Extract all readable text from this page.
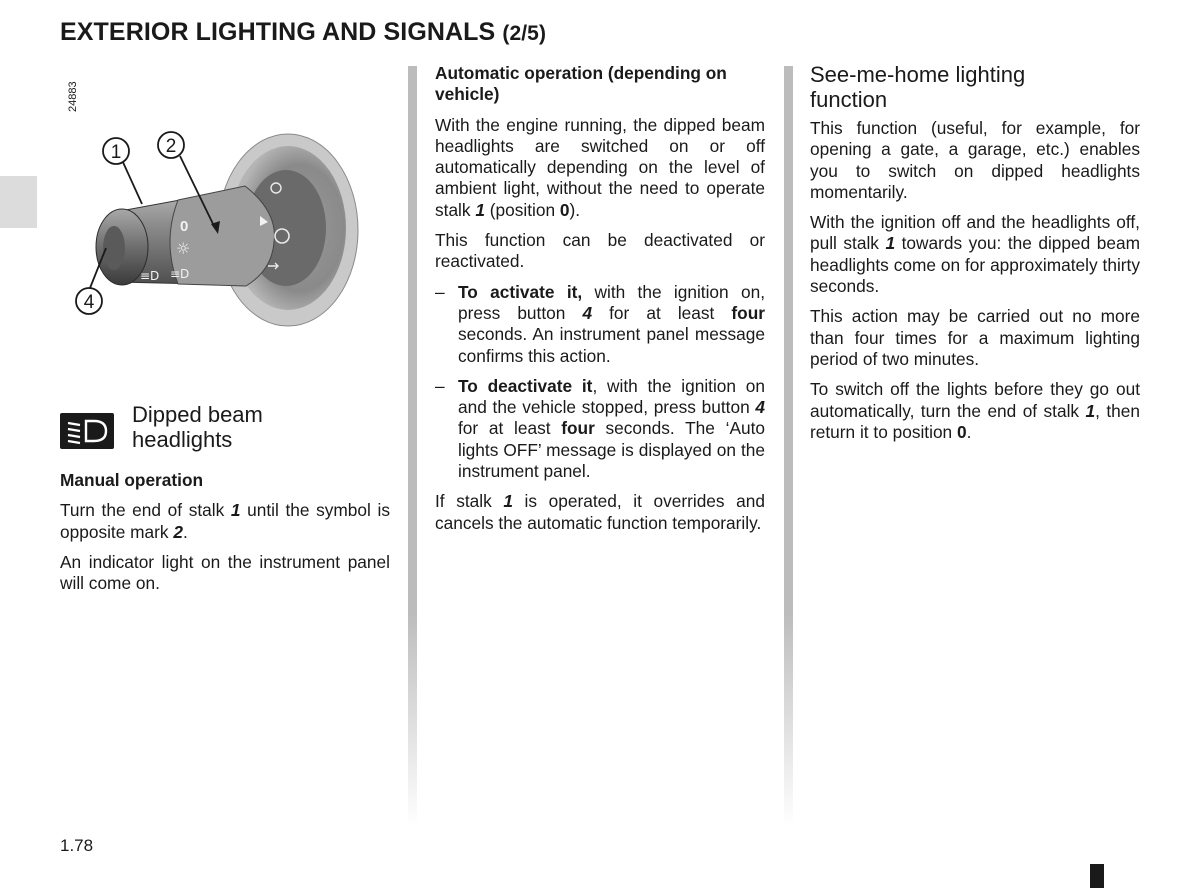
EXTERIOR LIGHTING AND SIGNALS (2/5)
24883
0
☼
≡D ≡D
1 2
4
Dipped beam headlights

Manual operation

Turn the end of stalk 1 until the symbol is opposite mark 2.

An indicator light on the instrument panel will come on.

Automatic operation (depending on vehicle)

With the engine running, the dipped beam headlights are switched on or off automatically depending on the level of ambient light, without the need to operate stalk 1 (position 0).

This function can be deactivated or reactivated.

– To activate it, with the ignition on, press button 4 for at least four seconds. An instrument panel message confirms this action.
– To deactivate it, with the ignition on and the vehicle stopped, press button 4 for at least four seconds. The ‘Auto lights OFF’ message is displayed on the instrument panel.

If stalk 1 is operated, it overrides and cancels the automatic function temporarily.

See-me-home lighting function

This function (useful, for example, for opening a gate, a garage, etc.) enables you to switch on dipped headlights momentarily.

With the ignition off and the headlights off, pull stalk 1 towards you: the dipped beam headlights come on for approximately thirty seconds.

This action may be carried out no more than four times for a maximum lighting period of two minutes.

To switch off the lights before they go out automatically, turn the end of stalk 1, then return it to position 0.

1.78
